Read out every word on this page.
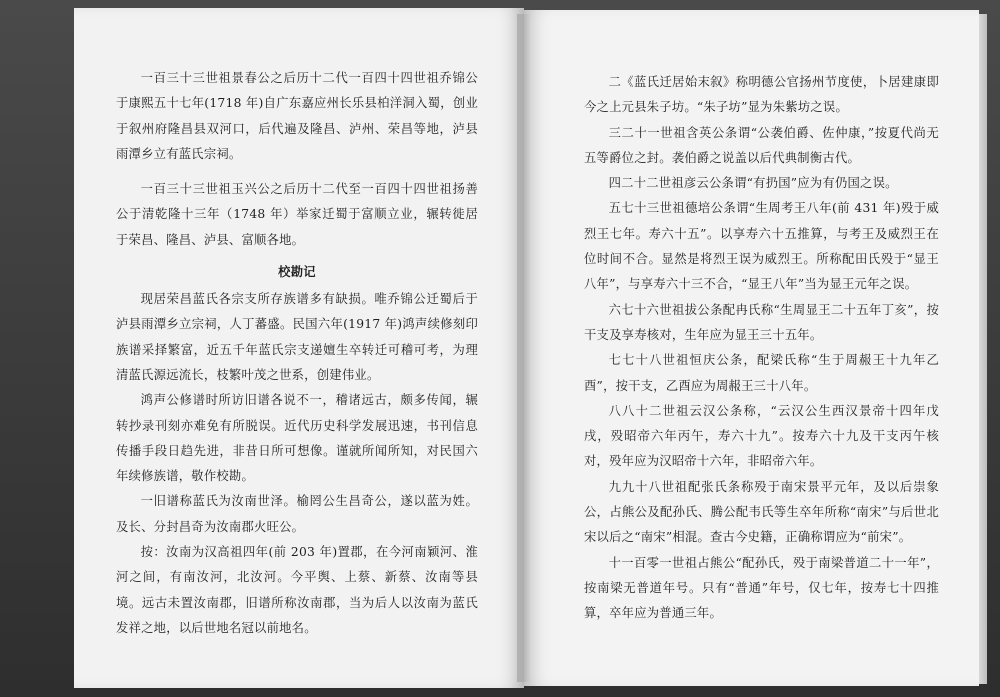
一百三十三世祖景春公之后历十二代一百四十四世祖乔锦公于康熙五十七年(1718 年)自广东嘉应州长乐县柏洋洞入蜀，创业于叙州府隆昌县双河口，后代遍及隆昌、泸州、荣昌等地，泸县雨潭乡立有蓝氏宗祠。

一百三十三世祖玉兴公之后历十二代至一百四十四世祖扬善公于清乾隆十三年（1748 年）举家迁蜀于富顺立业，辗转徙居于荣昌、隆昌、泸县、富顺各地。

校勘记

现居荣昌蓝氏各宗支所存族谱多有缺损。唯乔锦公迁蜀后于泸县雨潭乡立宗祠，人丁蕃盛。民国六年(1917 年)鸿声续修刻印族谱采择繁富，近五千年蓝氏宗支递嬗生卒转迁可稽可考，为理清蓝氏源远流长，枝繁叶茂之世系，创建伟业。

鸿声公修谱时所访旧谱各说不一，稽诸远古，颇多传闻，辗转抄录刊刻亦难免有所脱误。近代历史科学发展迅速，书刊信息传播手段日趋先进，非昔日所可想像。谨就所闻所知，对民国六年续修族谱，敬作校勘。

一旧谱称蓝氏为汝南世泽。榆罔公生昌奇公，遂以蓝为姓。及长、分封昌奇为汝南郡火旺公。

按：汝南为汉高祖四年(前 203 年)置郡，在今河南颖河、淮河之间，有南汝河，北汝河。今平舆、上蔡、新蔡、汝南等县境。远古未置汝南郡，旧谱所称汝南郡，当为后人以汝南为蓝氏发祥之地，以后世地名冠以前地名。

二《蓝氏迁居始末叙》称明德公官扬州节度使，卜居建康即今之上元县朱子坊。“朱子坊”显为朱紫坊之误。

三二十一世祖含英公条谓“公袭伯爵、佐仲康，”按夏代尚无五等爵位之封。袭伯爵之说盖以后代典制衡古代。

四二十二世祖彦云公条谓“有扔国”应为有仍国之误。

五七十三世祖德培公条谓“生周考王八年(前 431 年)殁于威烈王七年。寿六十五”。以享寿六十五推算，与考王及威烈王在位时间不合。显然是将烈王误为威烈王。所称配田氏殁于“显王八年”，与享寿六十三不合，“显王八年”当为显王元年之误。

六七十六世祖拔公条配冉氏称“生周显王二十五年丁亥”，按干支及享寿核对，生年应为显王三十五年。

七七十八世祖恒庆公条，配梁氏称“生于周赧王十九年乙酉”，按干支，乙酉应为周赧王三十八年。

八八十二世祖云汉公条称，“云汉公生西汉景帝十四年戊戌，殁昭帝六年丙午，寿六十九”。按寿六十九及干支丙午核对，殁年应为汉昭帝十六年，非昭帝六年。

九九十八世祖配张氏条称殁于南宋景平元年，及以后崇象公，占熊公及配孙氏、腾公配韦氏等生卒年所称“南宋”与后世北宋以后之“南宋”相混。查古今史籍，正确称谓应为“前宋”。

十一百零一世祖占熊公“配孙氏，殁于南梁普道二十一年”，按南梁无普道年号。只有“普通”年号，仅七年，按寿七十四推算，卒年应为普通三年。
